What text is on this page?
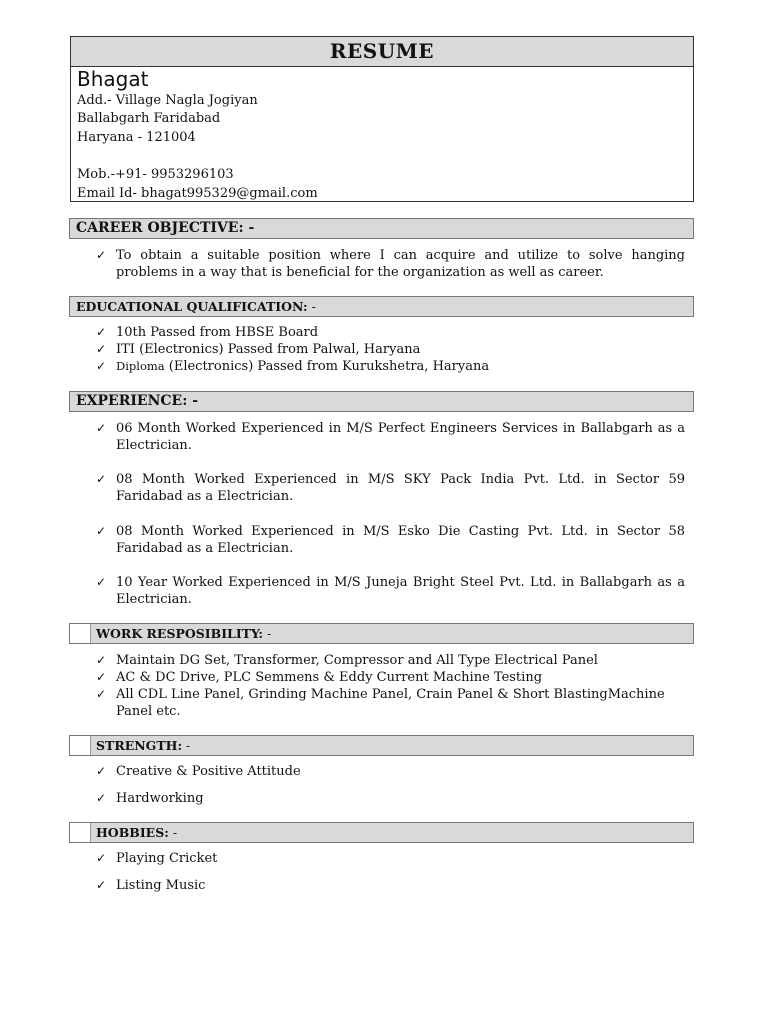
RESUME
Bhagat
Add.- Village Nagla Jogiyan
Ballabgarh Faridabad
Haryana - 121004
Mob.-+91- 9953296103
Email Id- bhagat995329@gmail.com
CAREER OBJECTIVE: -
✓ To obtain a suitable position where I can acquire and utilize to solve hanging problems in a way that is beneficial for the organization as well as career.
EDUCATIONAL QUALIFICATION: -
✓ 10th Passed from HBSE Board
✓ ITI (Electronics) Passed from Palwal, Haryana
✓ Diploma (Electronics) Passed from Kurukshetra, Haryana
EXPERIENCE: -
✓ 06 Month Worked Experienced in M/S Perfect Engineers Services in Ballabgarh as a Electrician.
✓ 08 Month Worked Experienced in M/S SKY Pack India Pvt. Ltd. in Sector 59 Faridabad as a Electrician.
✓ 08 Month Worked Experienced in M/S Esko Die Casting Pvt. Ltd. in Sector 58 Faridabad as a Electrician.
✓ 10 Year Worked Experienced in M/S Juneja Bright Steel Pvt. Ltd. in Ballabgarh as a Electrician.
WORK RESPOSIBILITY: -
✓ Maintain DG Set, Transformer, Compressor and All Type Electrical Panel
✓ AC & DC Drive, PLC Semmens & Eddy Current Machine Testing
✓ All CDL Line Panel, Grinding Machine Panel, Crain Panel & Short BlastingMachine Panel etc.
STRENGTH: -
✓ Creative & Positive Attitude
✓ Hardworking
HOBBIES: -
✓ Playing Cricket
✓ Listing Music
